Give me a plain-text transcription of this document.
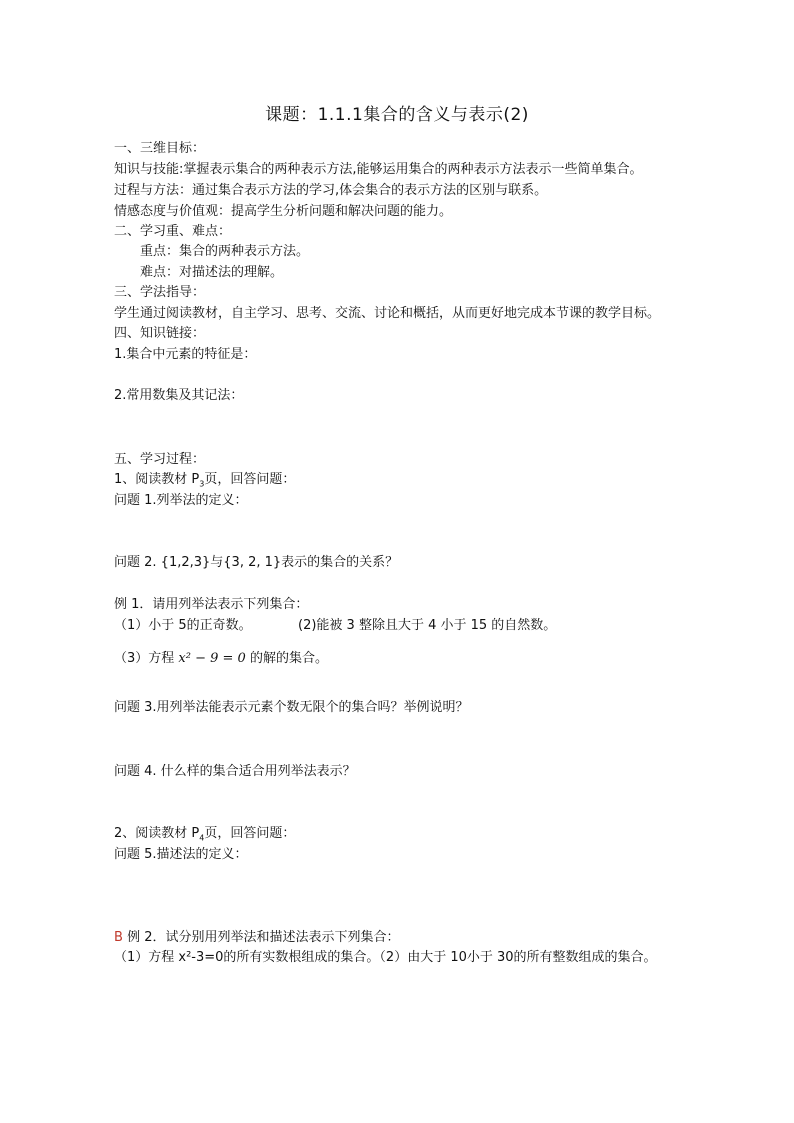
课题：1.1.1集合的含义与表示(2)
一、三维目标：
知识与技能:掌握表示集合的两种表示方法,能够运用集合的两种表示方法表示一些简单集合。
过程与方法：通过集合表示方法的学习,体会集合的表示方法的区别与联系。
情感态度与价值观：提高学生分析问题和解决问题的能力。
二、学习重、难点：
重点：集合的两种表示方法。
难点：对描述法的理解。
三、学法指导：
学生通过阅读教材，自主学习、思考、交流、讨论和概括，从而更好地完成本节课的教学目标。
四、知识链接：
1.集合中元素的特征是：
2.常用数集及其记法：
五、学习过程：
1、阅读教材 $P_3$页，回答问题：
问题 1.列举法的定义：
问题 2. {1,2,3}与{3, 2, 1}表示的集合的关系？
例 1．请用列举法表示下列集合：
（1）小于 5的正奇数。	(2)能被 3 整除且大于 4 小于 15 的自然数。
（3）方程 x² − 9 = 0 的解的集合。
问题 3.用列举法能表示元素个数无限个的集合吗？举例说明？
问题 4. 什么样的集合适合用列举法表示？
2、阅读教材 $P_4$页，回答问题：
问题 5.描述法的定义：
B 例 2．试分别用列举法和描述法表示下列集合：
（1）方程 x²-3=0的所有实数根组成的集合。（2）由大于 10小于 30的所有整数组成的集合。
